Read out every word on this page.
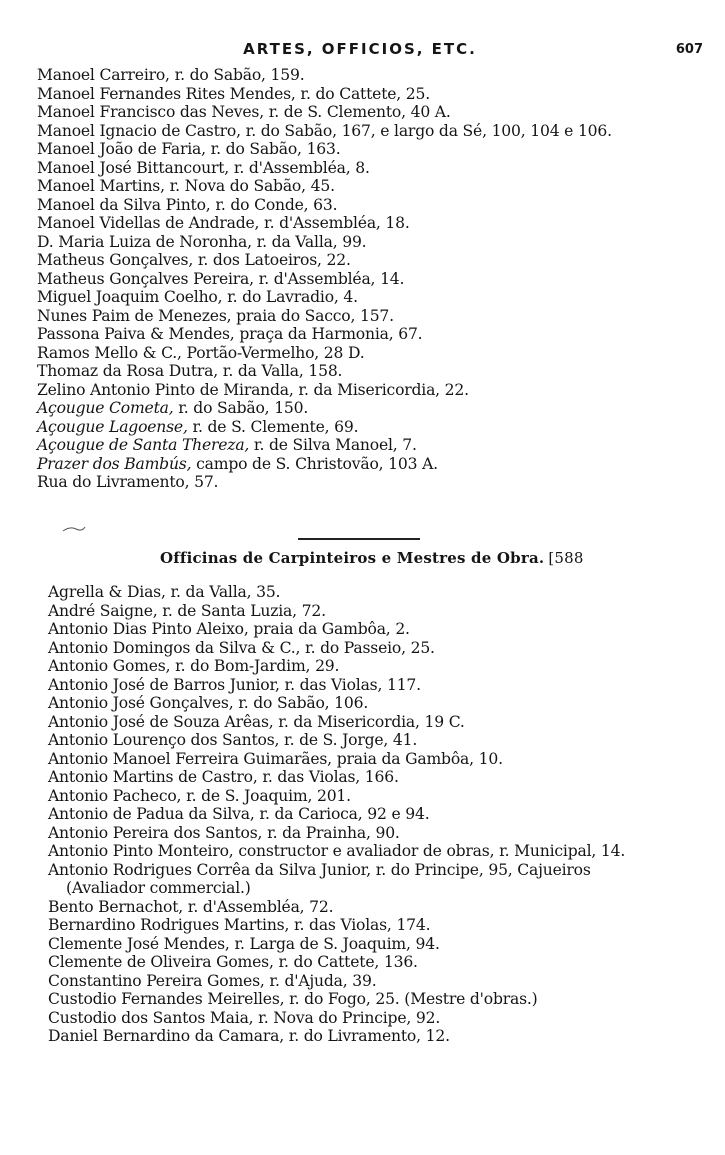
ARTES, OFFICIOS, ETC.	607
Manoel Carreiro, r. do Sabão, 159.
Manoel Fernandes Rites Mendes, r. do Cattete, 25.
Manoel Francisco das Neves, r. de S. Clemento, 40 A.
Manoel Ignacio de Castro, r. do Sabão, 167, e largo da Sé, 100, 104 e 106.
Manoel João de Faria, r. do Sabão, 163.
Manoel José Bittancourt, r. d'Assembléa, 8.
Manoel Martins, r. Nova do Sabão, 45.
Manoel da Silva Pinto, r. do Conde, 63.
Manoel Videllas de Andrade, r. d'Assembléa, 18.
D. Maria Luiza de Noronha, r. da Valla, 99.
Matheus Gonçalves, r. dos Latoeiros, 22.
Matheus Gonçalves Pereira, r. d'Assembléa, 14.
Miguel Joaquim Coelho, r. do Lavradio, 4.
Nunes Paim de Menezes, praia do Sacco, 157.
Passona Paiva & Mendes, praça da Harmonia, 67.
Ramos Mello & C., Portão-Vermelho, 28 D.
Thomaz da Rosa Dutra, r. da Valla, 158.
Zelino Antonio Pinto de Miranda, r. da Misericordia, 22.
Açougue Cometa, r. do Sabão, 150.
Açougue Lagoense, r. de S. Clemente, 69.
Açougue de Santa Thereza, r. de Silva Manoel, 7.
Prazer dos Bambús, campo de S. Christovão, 103 A.
Rua do Livramento, 57.
Officinas de Carpinteiros e Mestres de Obra. [588
Agrella & Dias, r. da Valla, 35.
André Saigne, r. de Santa Luzia, 72.
Antonio Dias Pinto Aleixo, praia da Gambôa, 2.
Antonio Domingos da Silva & C., r. do Passeio, 25.
Antonio Gomes, r. do Bom-Jardim, 29.
Antonio José de Barros Junior, r. das Violas, 117.
Antonio José Gonçalves, r. do Sabão, 106.
Antonio José de Souza Arêas, r. da Misericordia, 19 C.
Antonio Lourenço dos Santos, r. de S. Jorge, 41.
Antonio Manoel Ferreira Guimarães, praia da Gambôa, 10.
Antonio Martins de Castro, r. das Violas, 166.
Antonio Pacheco, r. de S. Joaquim, 201.
Antonio de Padua da Silva, r. da Carioca, 92 e 94.
Antonio Pereira dos Santos, r. da Prainha, 90.
Antonio Pinto Monteiro, constructor e avaliador de obras, r. Municipal, 14.
Antonio Rodrigues Corrêa da Silva Junior, r. do Principe, 95, Cajueiros
(Avaliador commercial.)
Bento Bernachot, r. d'Assembléa, 72.
Bernardino Rodrigues Martins, r. das Violas, 174.
Clemente José Mendes, r. Larga de S. Joaquim, 94.
Clemente de Oliveira Gomes, r. do Cattete, 136.
Constantino Pereira Gomes, r. d'Ajuda, 39.
Custodio Fernandes Meirelles, r. do Fogo, 25. (Mestre d'obras.)
Custodio dos Santos Maia, r. Nova do Principe, 92.
Daniel Bernardino da Camara, r. do Livramento, 12.
